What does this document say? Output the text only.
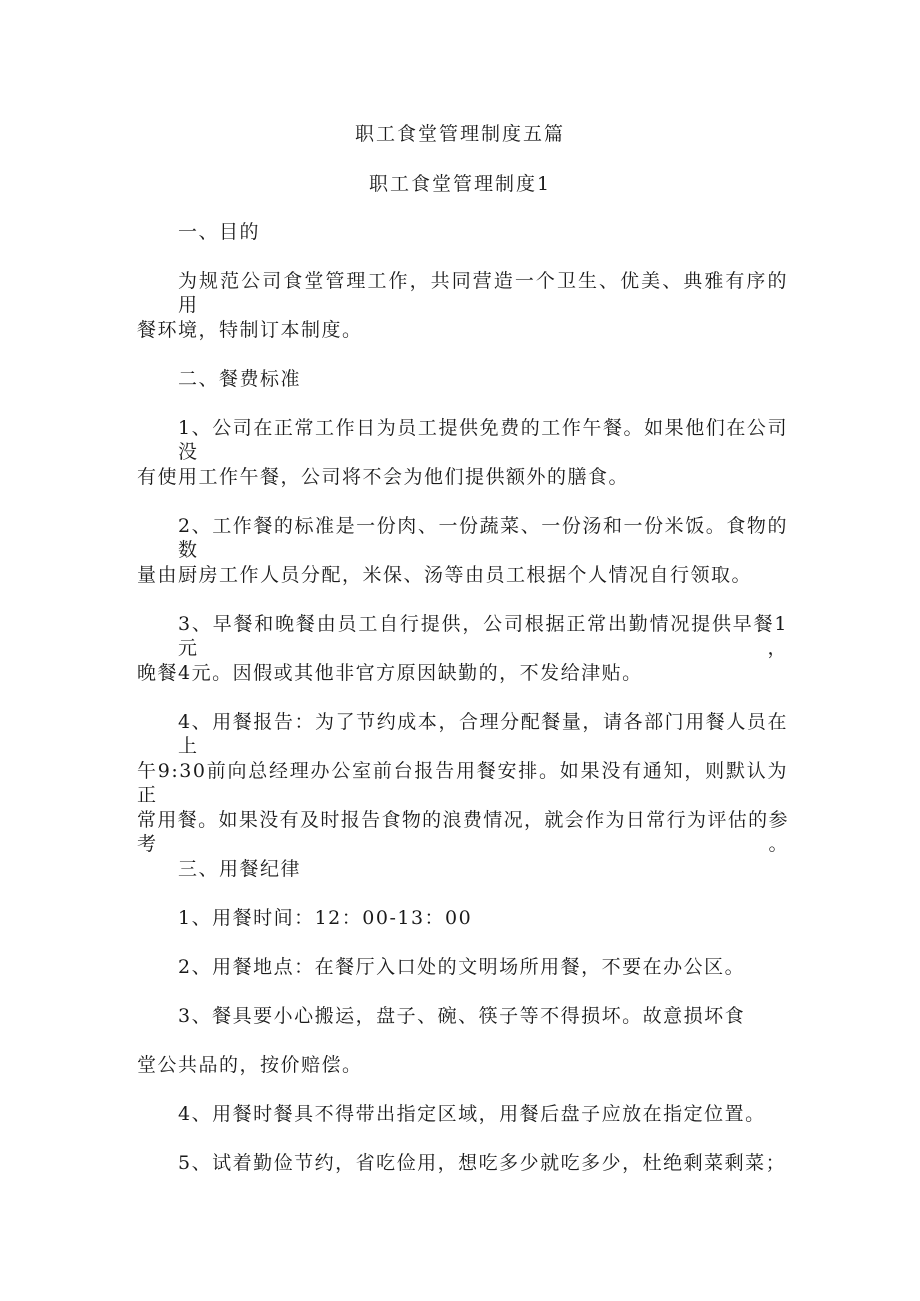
职工食堂管理制度五篇
职工食堂管理制度1
一、目的
为规范公司食堂管理工作，共同营造一个卫生、优美、典雅有序的用
餐环境，特制订本制度。
二、餐费标准
1、公司在正常工作日为员工提供免费的工作午餐。如果他们在公司没
有使用工作午餐，公司将不会为他们提供额外的膳食。
2、工作餐的标准是一份肉、一份蔬菜、一份汤和一份米饭。食物的数
量由厨房工作人员分配，米保、汤等由员工根据个人情况自行领取。
3、早餐和晚餐由员工自行提供，公司根据正常出勤情况提供早餐1元，
晚餐4元。因假或其他非官方原因缺勤的，不发给津贴。
4、用餐报告：为了节约成本，合理分配餐量，请各部门用餐人员在上
午9:30前向总经理办公室前台报告用餐安排。如果没有通知，则默认为正
常用餐。如果没有及时报告食物的浪费情况，就会作为日常行为评估的参考。
三、用餐纪律
1、用餐时间：12：00-13：00
2、用餐地点：在餐厅入口处的文明场所用餐，不要在办公区。
3、餐具要小心搬运，盘子、碗、筷子等不得损坏。故意损坏食
堂公共品的，按价赔偿。
4、用餐时餐具不得带出指定区域，用餐后盘子应放在指定位置。
5、试着勤俭节约，省吃俭用，想吃多少就吃多少，杜绝剩菜剩菜；
